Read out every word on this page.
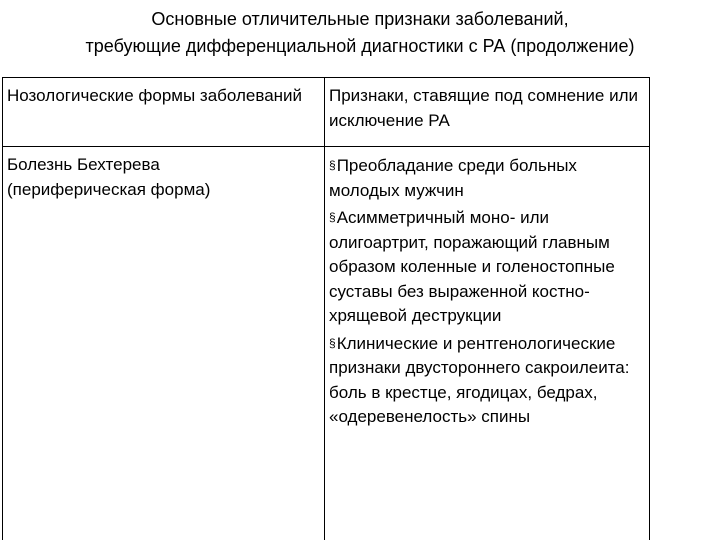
Основные отличительные признаки заболеваний,
требующие дифференциальной диагностики с РА (продолжение)
Нозологические формы заболеваний Признаки, ставящие под сомнение или исключение РА
Болезнь Бехтерева (периферическая форма)
§Преобладание среди больных молодых мужчин
§Асимметричный моно- или олигоартрит, поражающий главным образом коленные и голеностопные суставы без выраженной костно-хрящевой деструкции
§Клинические и рентгенологические признаки двустороннего сакроилеита: боль в крестце, ягодицах, бедрах, «одеревенелость» спины
